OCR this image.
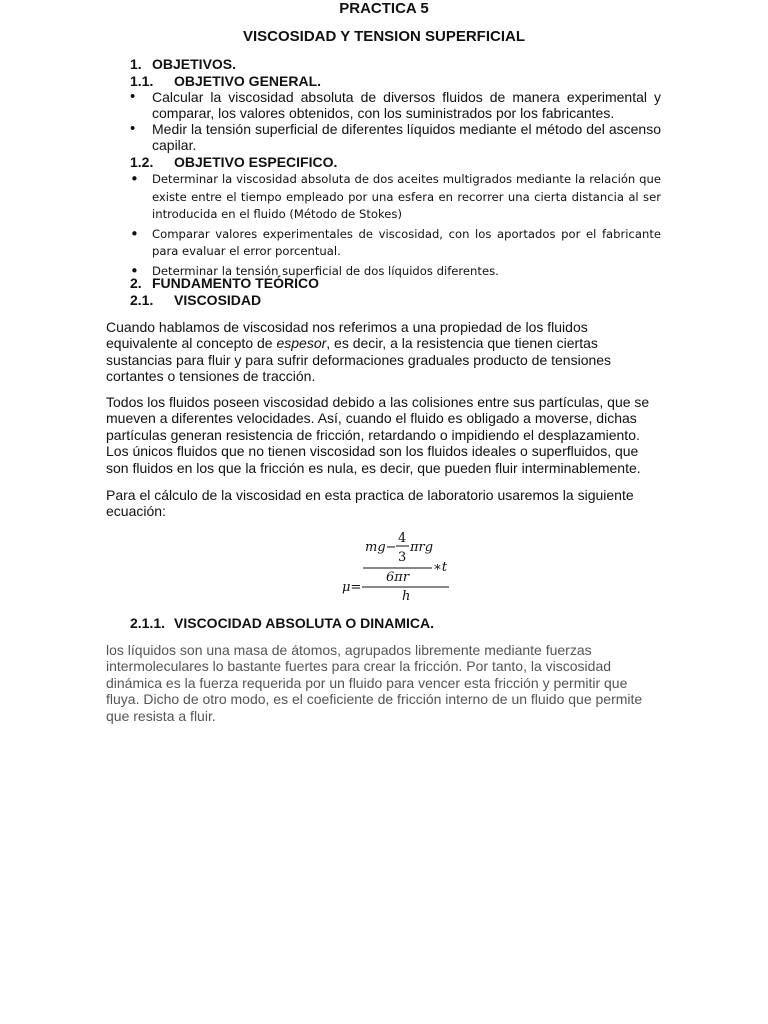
PRACTICA 5
VISCOSIDAD Y TENSION SUPERFICIAL
1. OBJETIVOS.
1.1. OBJETIVO GENERAL.
• Calcular la viscosidad absoluta de diversos fluidos de manera experimental y comparar, los valores obtenidos, con los suministrados por los fabricantes.
• Medir la tensión superficial de diferentes líquidos mediante el método del ascenso capilar.
1.2. OBJETIVO ESPECIFICO.
• Determinar la viscosidad absoluta de dos aceites multigrados mediante la relación que existe entre el tiempo empleado por una esfera en recorrer una cierta distancia al ser introducida en el fluido (Método de Stokes)
• Comparar valores experimentales de viscosidad, con los aportados por el fabricante para evaluar el error porcentual.
• Determinar la tensión superficial de dos líquidos diferentes.
2. FUNDAMENTO TEÓRICO
2.1. VISCOSIDAD

Cuando hablamos de viscosidad nos referimos a una propiedad de los fluidos equivalente al concepto de espesor, es decir, a la resistencia que tienen ciertas sustancias para fluir y para sufrir deformaciones graduales producto de tensiones cortantes o tensiones de tracción.

Todos los fluidos poseen viscosidad debido a las colisiones entre sus partículas, que se mueven a diferentes velocidades. Así, cuando el fluido es obligado a moverse, dichas partículas generan resistencia de fricción, retardando o impidiendo el desplazamiento. Los únicos fluidos que no tienen viscosidad son los fluidos ideales o superfluidos, que son fluidos en los que la fricción es nula, es decir, que pueden fluir interminablemente.

Para el cálculo de la viscosidad en esta practica de laboratorio usaremos la siguiente ecuación:

μ=
mg−
4
3
πrg
∗t
6πr
h
2.1.1. VISCOCIDAD ABSOLUTA O DINAMICA.

los líquidos son una masa de átomos, agrupados libremente mediante fuerzas intermoleculares lo bastante fuertes para crear la fricción. Por tanto, la viscosidad dinámica es la fuerza requerida por un fluido para vencer esta fricción y permitir que fluya. Dicho de otro modo, es el coeficiente de fricción interno de un fluido que permite que resista a fluir.
